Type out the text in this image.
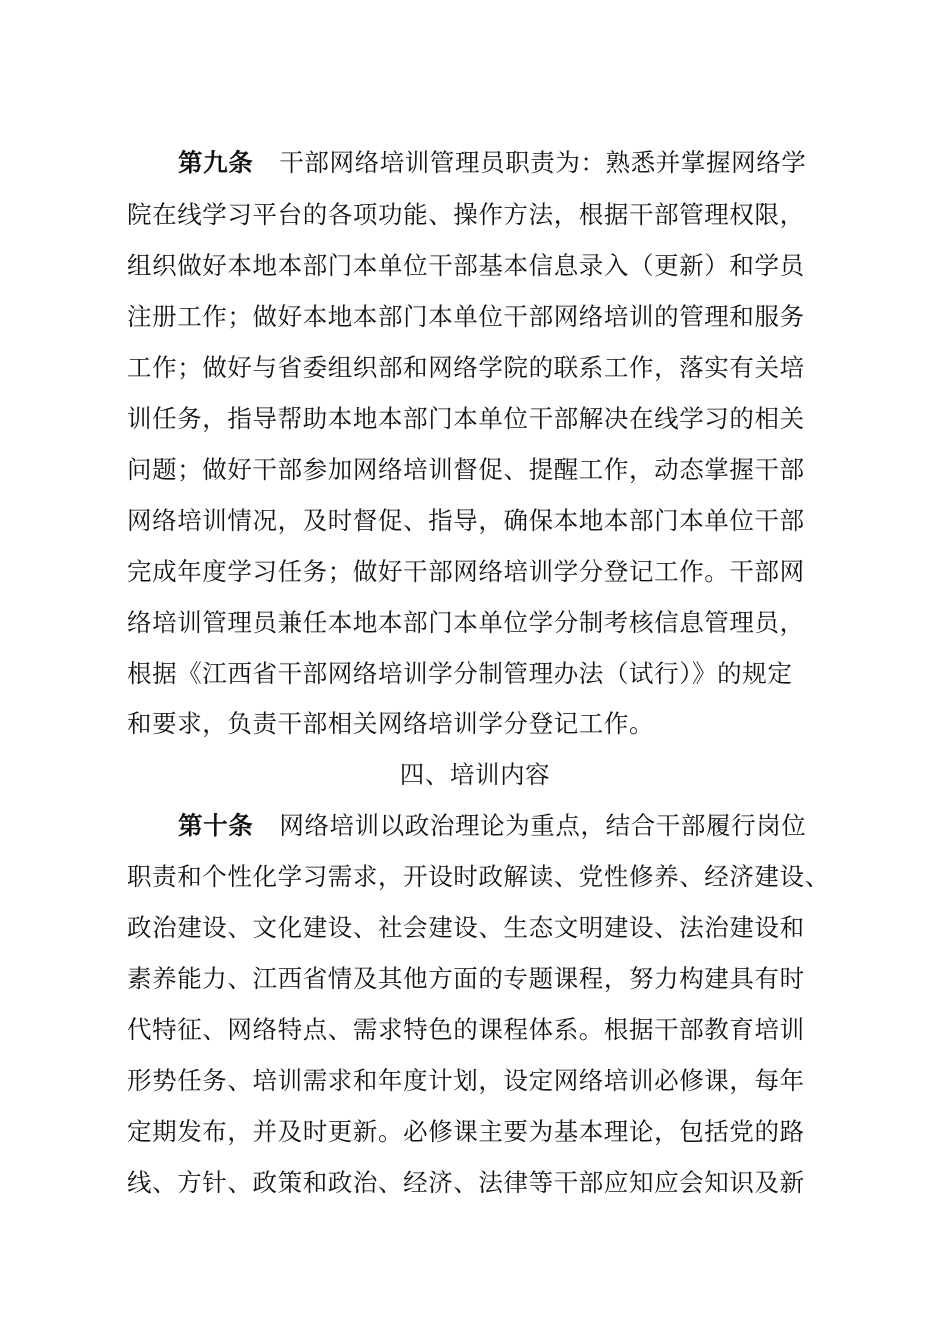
第九条 干部网络培训管理员职责为：熟悉并掌握网络学
院在线学习平台的各项功能、操作方法，根据干部管理权限，
组织做好本地本部门本单位干部基本信息录入（更新）和学员
注册工作；做好本地本部门本单位干部网络培训的管理和服务
工作；做好与省委组织部和网络学院的联系工作，落实有关培
训任务，指导帮助本地本部门本单位干部解决在线学习的相关
问题；做好干部参加网络培训督促、提醒工作，动态掌握干部
网络培训情况，及时督促、指导，确保本地本部门本单位干部
完成年度学习任务；做好干部网络培训学分登记工作。干部网
络培训管理员兼任本地本部门本单位学分制考核信息管理员，
根据《江西省干部网络培训学分制管理办法（试行）》的规定
和要求，负责干部相关网络培训学分登记工作。
四、培训内容
第十条 网络培训以政治理论为重点，结合干部履行岗位
职责和个性化学习需求，开设时政解读、党性修养、经济建设、
政治建设、文化建设、社会建设、生态文明建设、法治建设和
素养能力、江西省情及其他方面的专题课程，努力构建具有时
代特征、网络特点、需求特色的课程体系。根据干部教育培训
形势任务、培训需求和年度计划，设定网络培训必修课，每年
定期发布，并及时更新。必修课主要为基本理论，包括党的路
线、方针、政策和政治、经济、法律等干部应知应会知识及新
